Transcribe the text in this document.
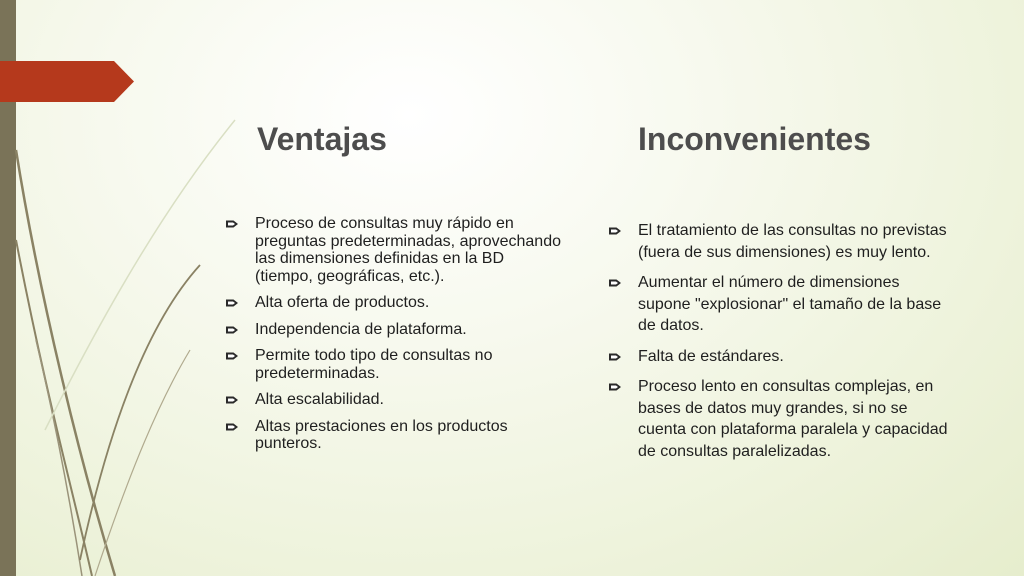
Ventajas	Inconvenientes
Proceso de consultas muy rápido en preguntas predeterminadas, aprovechando las dimensiones definidas en la BD (tiempo, geográficas, etc.).
Alta oferta de productos.
Independencia de plataforma.
Permite todo tipo de consultas no predeterminadas.
Alta escalabilidad.
Altas prestaciones en los productos punteros.
El tratamiento de las consultas no previstas (fuera de sus dimensiones) es muy lento.
Aumentar el número de dimensiones supone "explosionar" el tamaño de la base de datos.
Falta de estándares.
Proceso lento en consultas complejas, en bases de datos muy grandes, si no se cuenta con plataforma paralela y capacidad de consultas paralelizadas.
